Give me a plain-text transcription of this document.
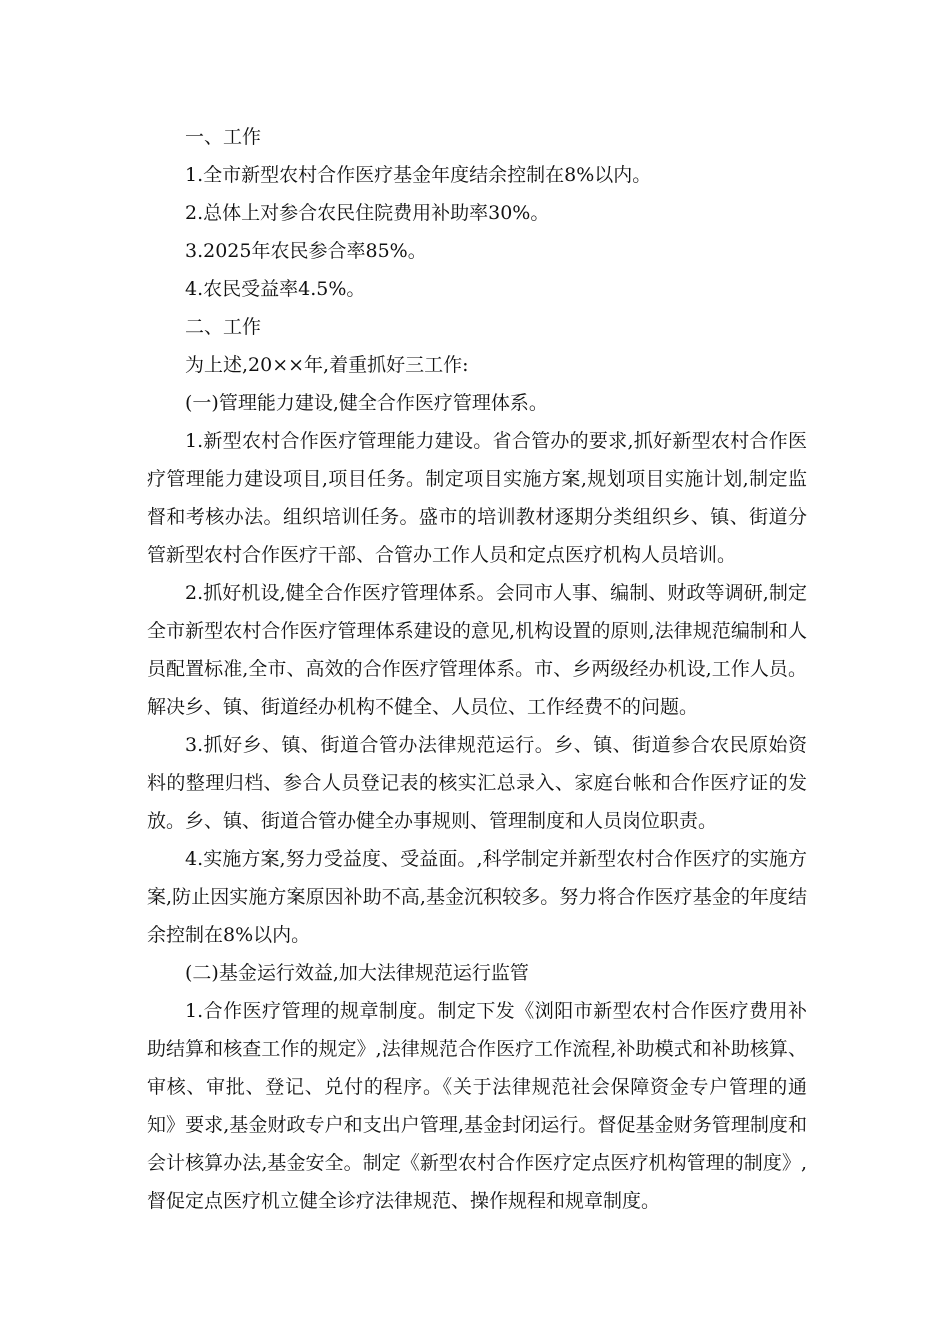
一、工作

1.全市新型农村合作医疗基金年度结余控制在8%以内。

2.总体上对参合农民住院费用补助率30%。

3.2025年农民参合率85%。

4.农民受益率4.5%。

二、工作

为上述,20××年,着重抓好三工作:

(一)管理能力建设,健全合作医疗管理体系。

1.新型农村合作医疗管理能力建设。省合管办的要求,抓好新型农村合作医疗管理能力建设项目,项目任务。制定项目实施方案,规划项目实施计划,制定监督和考核办法。组织培训任务。盛市的培训教材逐期分类组织乡、镇、街道分管新型农村合作医疗干部、合管办工作人员和定点医疗机构人员培训。

2.抓好机设,健全合作医疗管理体系。会同市人事、编制、财政等调研,制定全市新型农村合作医疗管理体系建设的意见,机构设置的原则,法律规范编制和人员配置标准,全市、高效的合作医疗管理体系。市、乡两级经办机设,工作人员。解决乡、镇、街道经办机构不健全、人员位、工作经费不的问题。

3.抓好乡、镇、街道合管办法律规范运行。乡、镇、街道参合农民原始资料的整理归档、参合人员登记表的核实汇总录入、家庭台帐和合作医疗证的发放。乡、镇、街道合管办健全办事规则、管理制度和人员岗位职责。

4.实施方案,努力受益度、受益面。,科学制定并新型农村合作医疗的实施方案,防止因实施方案原因补助不高,基金沉积较多。努力将合作医疗基金的年度结余控制在8%以内。

(二)基金运行效益,加大法律规范运行监管

1.合作医疗管理的规章制度。制定下发《浏阳市新型农村合作医疗费用补助结算和核查工作的规定》,法律规范合作医疗工作流程,补助模式和补助核算、审核、审批、登记、兑付的程序。《关于法律规范社会保障资金专户管理的通知》要求,基金财政专户和支出户管理,基金封闭运行。督促基金财务管理制度和会计核算办法,基金安全。制定《新型农村合作医疗定点医疗机构管理的制度》,督促定点医疗机立健全诊疗法律规范、操作规程和规章制度。
